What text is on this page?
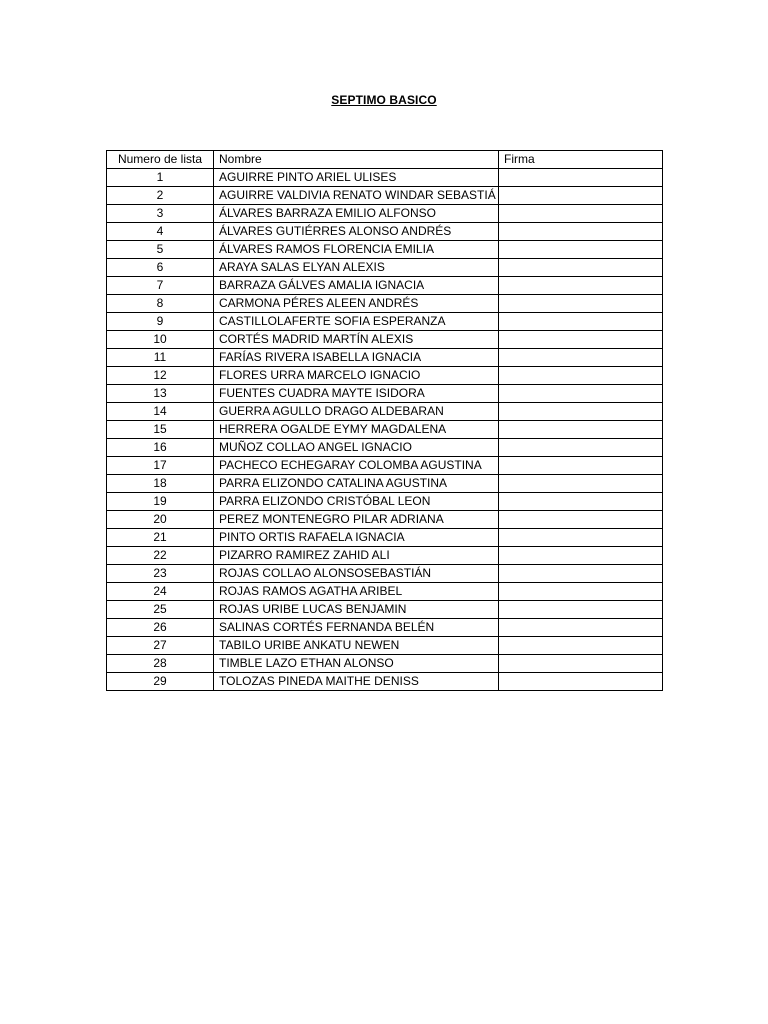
SEPTIMO BASICO
Numero de lista	Nombre	Firma
1	AGUIRRE PINTO ARIEL ULISES	
2	AGUIRRE VALDIVIA RENATO WINDAR SEBASTIÁ	
3	ÁLVARES BARRAZA EMILIO ALFONSO	
4	ÁLVARES GUTIÉRRES ALONSO ANDRÉS	
5	ÁLVARES RAMOS FLORENCIA EMILIA	
6	ARAYA SALAS ELYAN ALEXIS	
7	BARRAZA GÁLVES AMALIA IGNACIA	
8	CARMONA PÉRES ALEEN ANDRÉS	
9	CASTILLOLAFERTE SOFIA ESPERANZA	
10	CORTÉS MADRID MARTÍN ALEXIS	
11	FARÍAS RIVERA ISABELLA IGNACIA	
12	FLORES URRA MARCELO IGNACIO	
13	FUENTES CUADRA MAYTE ISIDORA	
14	GUERRA AGULLO DRAGO ALDEBARAN	
15	HERRERA OGALDE EYMY MAGDALENA	
16	MUÑOZ COLLAO ANGEL IGNACIO	
17	PACHECO ECHEGARAY COLOMBA AGUSTINA	
18	PARRA ELIZONDO CATALINA AGUSTINA	
19	PARRA ELIZONDO CRISTÓBAL LEON	
20	PEREZ MONTENEGRO PILAR ADRIANA	
21	PINTO ORTIS RAFAELA IGNACIA	
22	PIZARRO RAMIREZ ZAHID ALI	
23	ROJAS COLLAO ALONSOSEBASTIÁN	
24	ROJAS RAMOS AGATHA ARIBEL	
25	ROJAS URIBE LUCAS BENJAMIN	
26	SALINAS CORTÉS FERNANDA BELÉN	
27	TABILO URIBE ANKATU NEWEN	
28	TIMBLE LAZO ETHAN ALONSO	
29	TOLOZAS PINEDA MAITHE DENISS	
